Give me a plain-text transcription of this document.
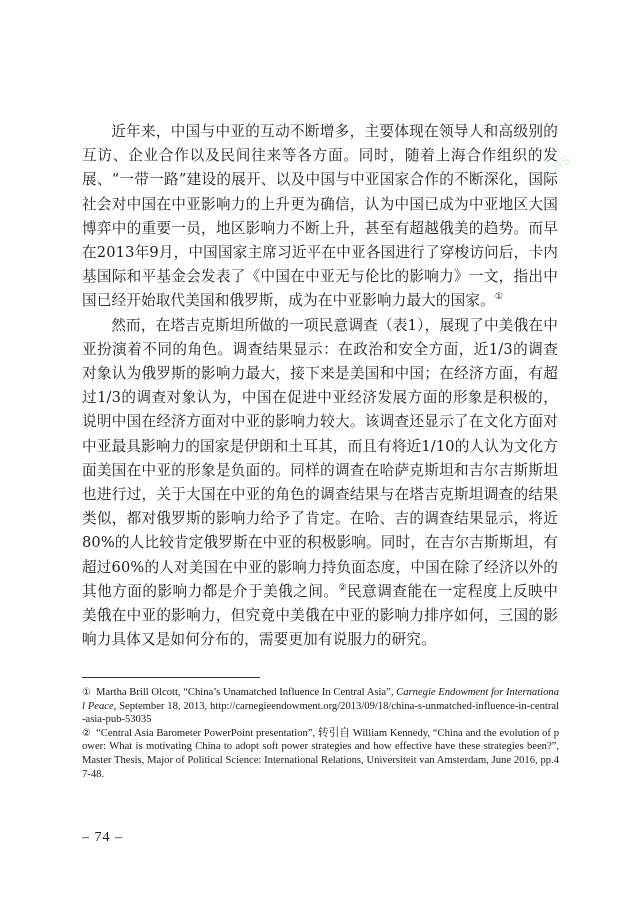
CIIS

近年来，中国与中亚的互动不断增多，主要体现在领导人和高级别的互访、企业合作以及民间往来等各方面。同时，随着上海合作组织的发展、“一带一路”建设的展开、以及中国与中亚国家合作的不断深化，国际社会对中国在中亚影响力的上升更为确信，认为中国已成为中亚地区大国博弈中的重要一员，地区影响力不断上升，甚至有超越俄美的趋势。而早在2013年9月，中国国家主席习近平在中亚各国进行了穿梭访问后，卡内基国际和平基金会发表了《中国在中亚无与伦比的影响力》一文，指出中国已经开始取代美国和俄罗斯，成为在中亚影响力最大的国家。①

然而，在塔吉克斯坦所做的一项民意调查（表1），展现了中美俄在中亚扮演着不同的角色。调查结果显示：在政治和安全方面，近1/3的调查对象认为俄罗斯的影响力最大，接下来是美国和中国；在经济方面，有超过1/3的调查对象认为，中国在促进中亚经济发展方面的形象是积极的，说明中国在经济方面对中亚的影响力较大。该调查还显示了在文化方面对中亚最具影响力的国家是伊朗和土耳其，而且有将近1/10的人认为文化方面美国在中亚的形象是负面的。同样的调查在哈萨克斯坦和吉尔吉斯斯坦也进行过，关于大国在中亚的角色的调查结果与在塔吉克斯坦调查的结果类似，都对俄罗斯的影响力给予了肯定。在哈、吉的调查结果显示，将近80%的人比较肯定俄罗斯在中亚的积极影响。同时，在吉尔吉斯斯坦，有超过60%的人对美国在中亚的影响力持负面态度，中国在除了经济以外的其他方面的影响力都是介于美俄之间。②民意调查能在一定程度上反映中美俄在中亚的影响力，但究竟中美俄在中亚的影响力排序如何，三国的影响力具体又是如何分布的，需要更加有说服力的研究。

① Martha Brill Olcott, “China’s Unamatched Influence In Central Asia”, Carnegie Endowment for International Peace, September 18, 2013, http://carnegieendowment.org/2013/09/18/china-s-unmatched-influence-in-central-asia-pub-53035
② “Central Asia Barometer PowerPoint presentation”, 转引自 William Kennedy, “China and the evolution of power: What is motivating China to adopt soft power strategies and how effective have these strategies been?”, Master Thesis, Major of Political Science: International Relations, Universiteit van Amsterdam, June 2016, pp.47-48.
– 74 –
